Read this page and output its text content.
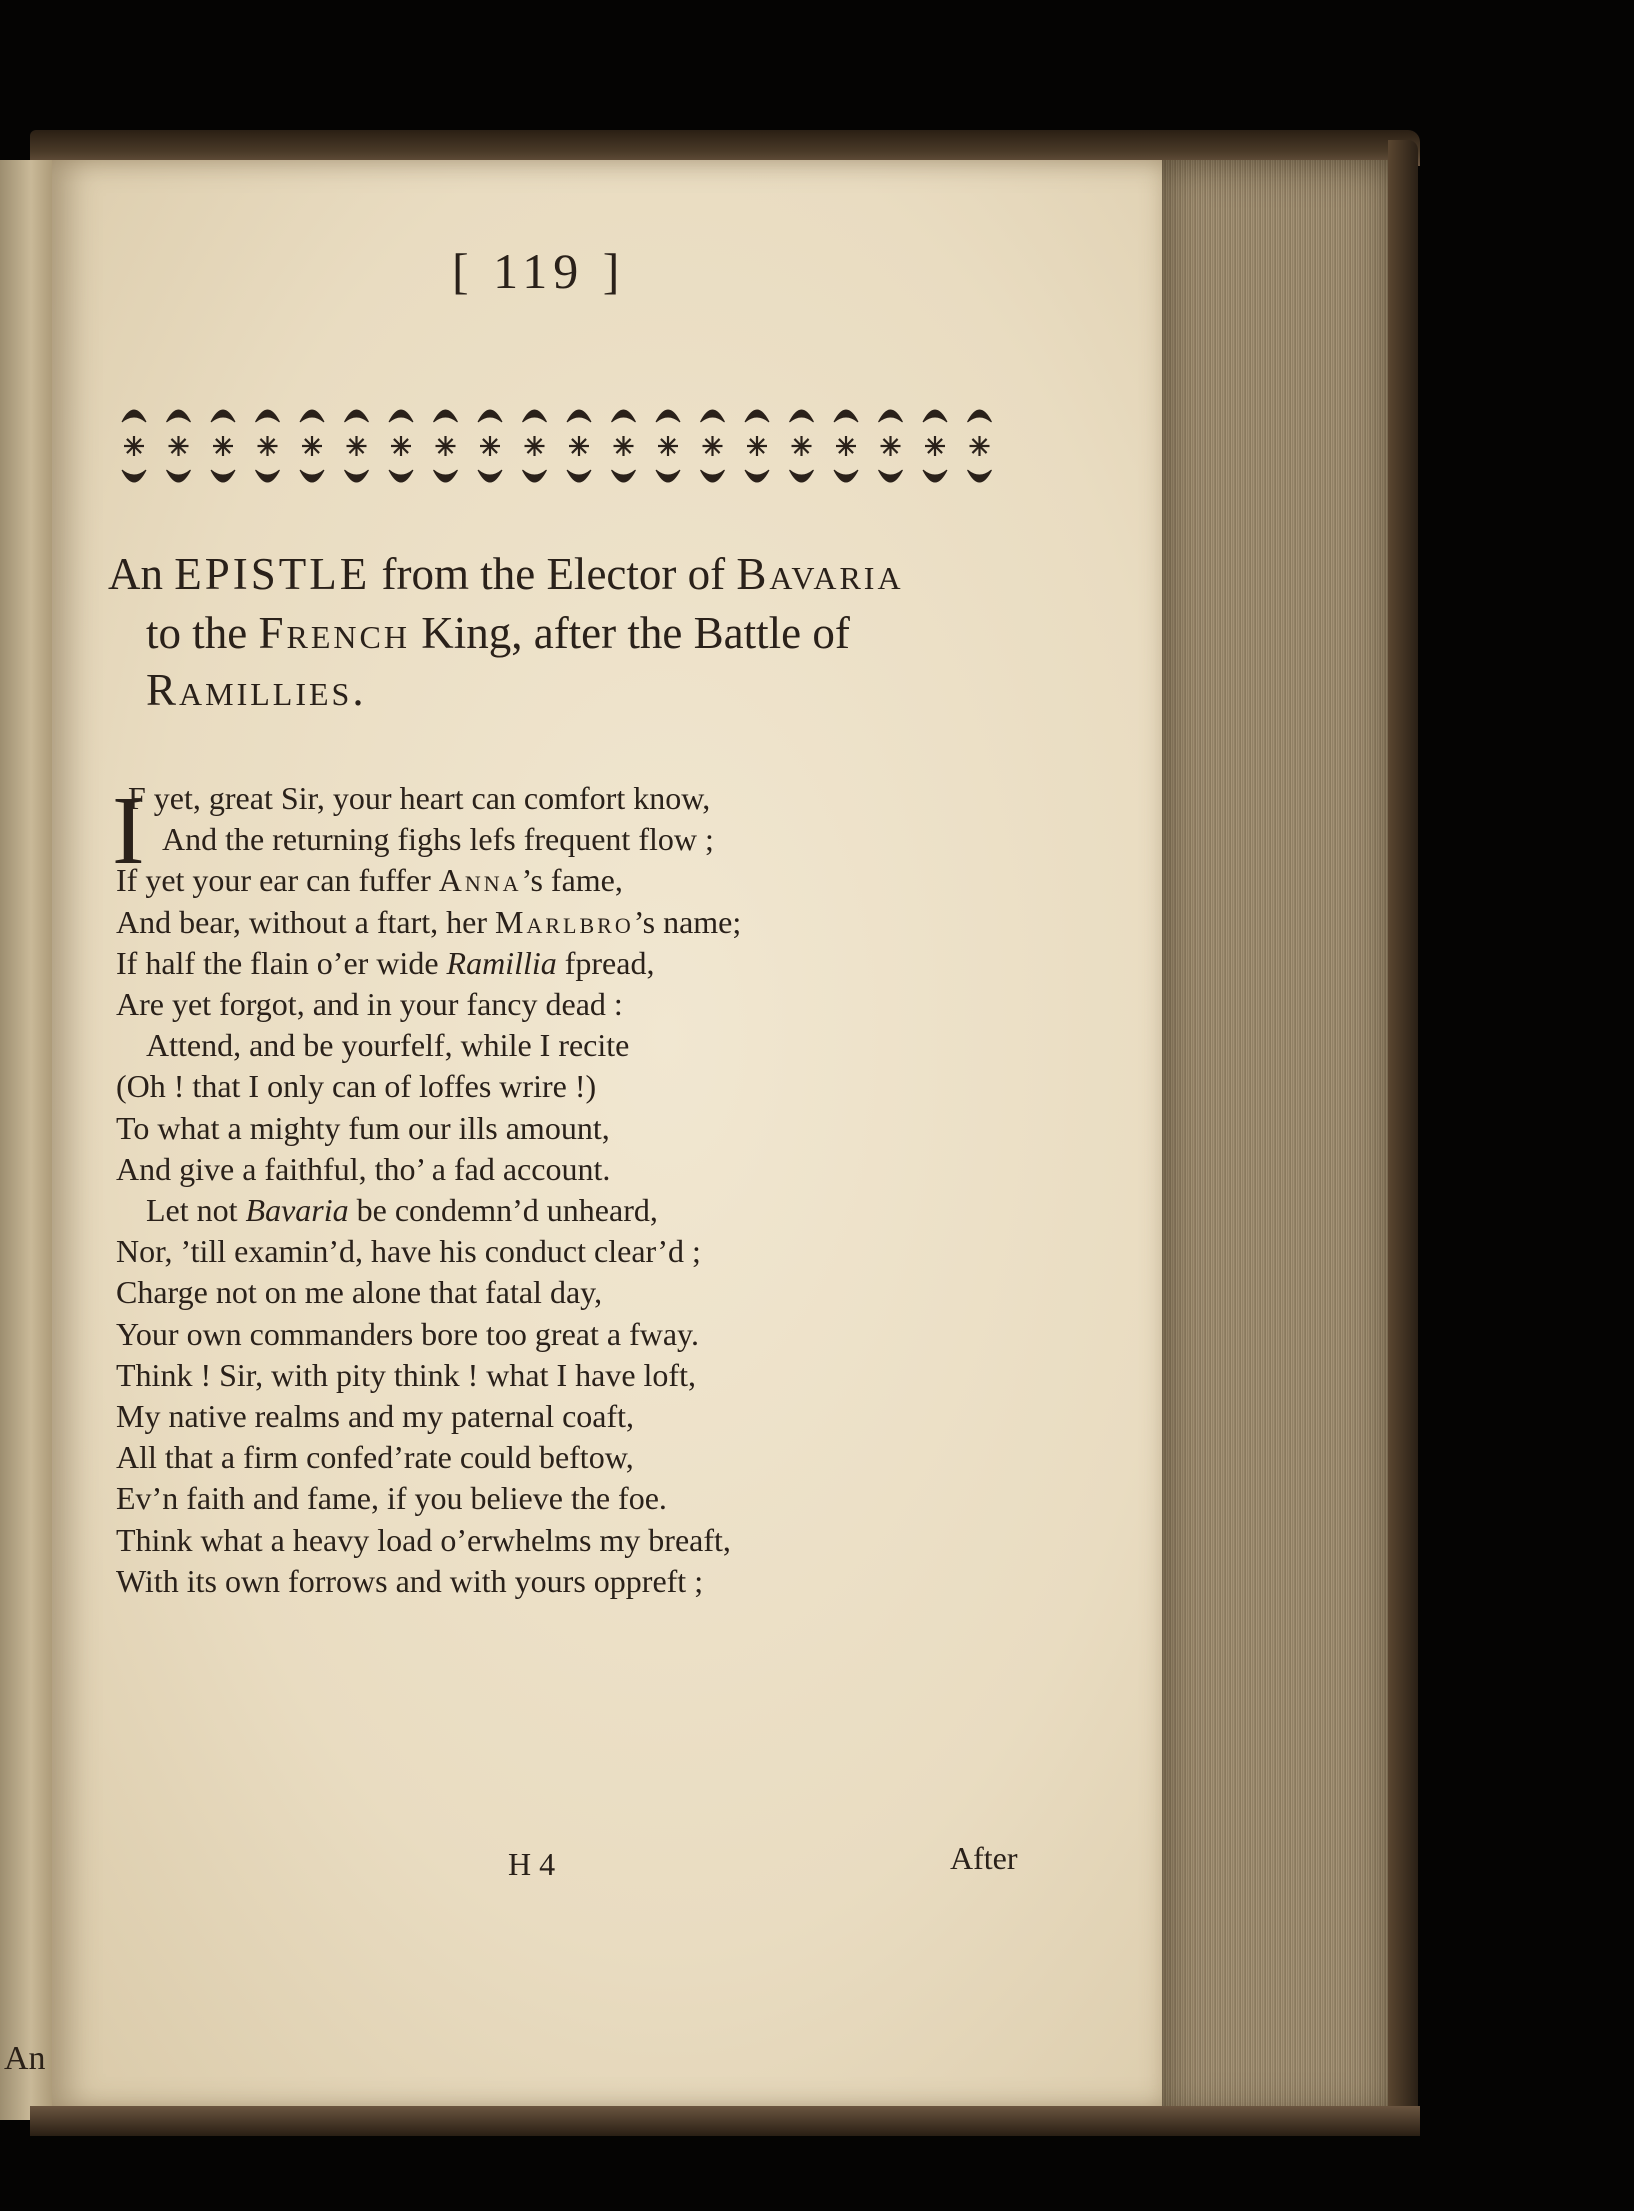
An
[ 119 ]
An EPISTLE from the Elector of Bavaria
to the French King, after the Battle of
Ramillies.
I
F yet, great Sir, your heart can comfort know,
And the returning fighs lefs frequent flow ;
If yet your ear can fuffer Anna’s fame,
And bear, without a ftart, her Marlbro’s name;
If half the flain o’er wide Ramillia fpread,
Are yet forgot, and in your fancy dead :
Attend, and be yourfelf, while I recite
(Oh ! that I only can of loffes wrire !)
To what a mighty fum our ills amount,
And give a faithful, tho’ a fad account.
Let not Bavaria be condemn’d unheard,
Nor, ’till examin’d, have his conduct clear’d ;
Charge not on me alone that fatal day,
Your own commanders bore too great a fway.
Think ! Sir, with pity think ! what I have loft,
My native realms and my paternal coaft,
All that a firm confed’rate could beftow,
Ev’n faith and fame, if you believe the foe.
Think what a heavy load o’erwhelms my breaft,
With its own forrows and with yours oppreft ;
H 4	After
